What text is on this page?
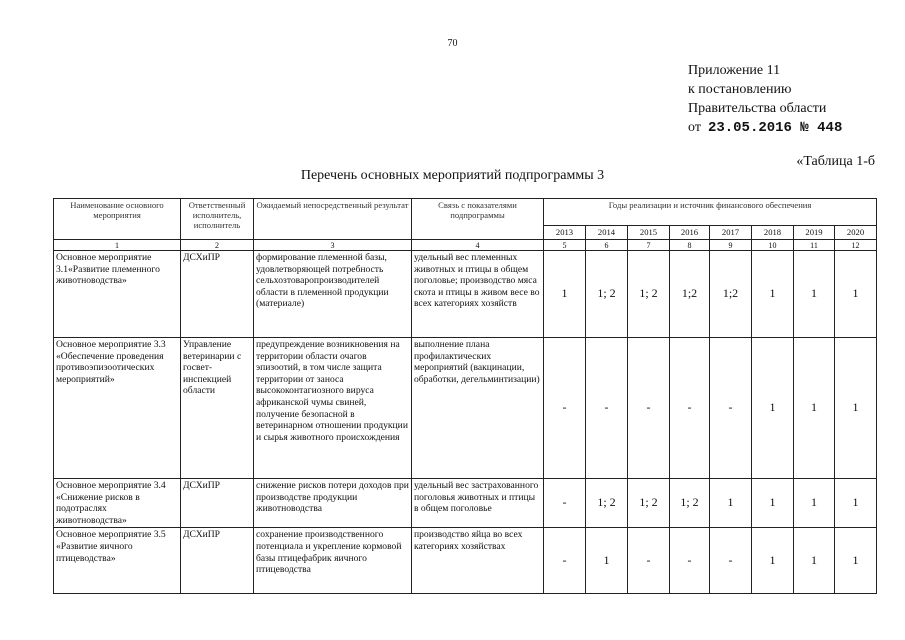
70
Приложение 11
к постановлению
Правительства области
от 23.05.2016 № 448
«Таблица 1-б
Перечень основных мероприятий подпрограммы 3
Наименование основного мероприятия	Ответственный исполнитель, исполнитель	Ожидаемый непосредственный результат	Связь с показателями подпрограммы	Годы реализации и источник финансового обеспечения							
				2013	2014	2015	2016	2017	2018	2019	2020
1	2	3	4	5	6	7	8	9	10	11	12
Основное мероприятие 3.1«Развитие племенного животноводства»	ДСХиПР	формирование племенной базы, удовлетворяющей потребность сельхозтоваропроизводителей области в племенной продукции (материале)	удельный вес племенных животных и птицы в общем поголовье; производство мяса скота и птицы в живом весе во всех категориях хозяйств	1	1; 2	1; 2	1;2	1;2	1	1	1
Основное мероприятие 3.3 «Обеспечение проведения противоэпизоотических мероприятий»	Управление ветеринарии с госвет-инспекцией области	предупреждение возникновения на территории области очагов эпизоотий, в том числе защита территории от заноса высококонтагиозного вируса африканской чумы свиней, получение безопасной в ветеринарном отношении продукции и сырья животного происхождения	выполнение плана профилактических мероприятий (вакцинации, обработки, дегельминтизации)	-	-	-	-	-	1	1	1
Основное мероприятие 3.4 «Снижение рисков в подотраслях животноводства»	ДСХиПР	снижение рисков потери доходов при производстве продукции животноводства	удельный вес застрахованного поголовья животных и птицы в общем поголовье	-	1; 2	1; 2	1; 2	1	1	1	1
Основное мероприятие 3.5 «Развитие яичного птицеводства»	ДСХиПР	сохранение производственного потенциала и укрепление кормовой базы птицефабрик яичного птицеводства	производство яйца во всех категориях хозяйствах	-	1	-	-	-	1	1	1
